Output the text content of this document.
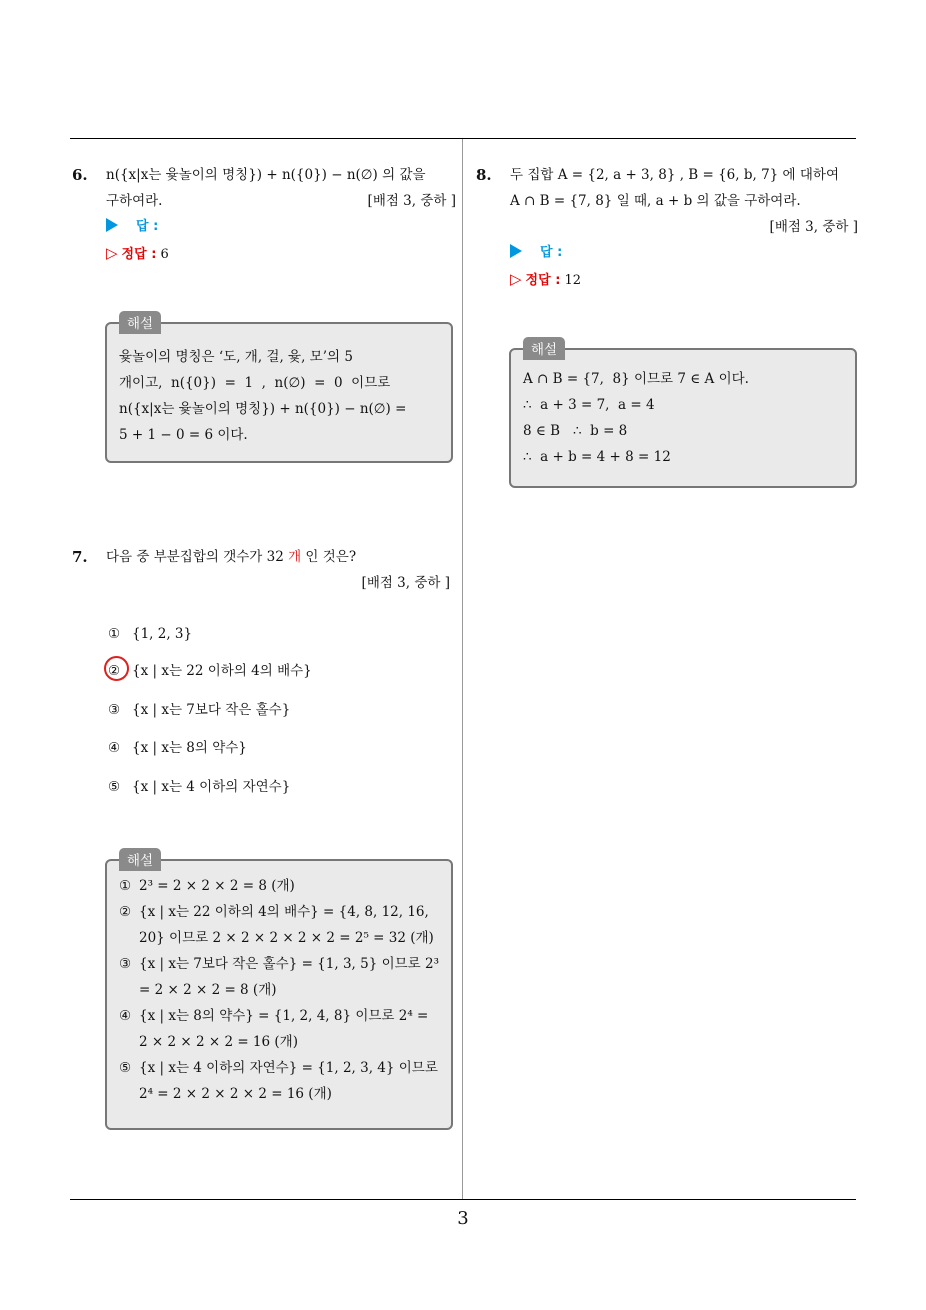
6. n({x|x는 윷놀이의 명칭}) + n({0}) − n(∅) 의 값을
구하여라.	[배점 3, 중하 ]
답 :
▷ 정답 : 6
해설
윷놀이의 명칭은 ‘도, 개, 걸, 윷, 모’의 5
개이고,  n({0})  =  1  ,  n(∅)  =  0  이므로
n({x|x는 윷놀이의 명칭}) + n({0}) − n(∅) =
5 + 1 − 0 = 6 이다.
7. 다음 중 부분집합의 갯수가 32 개 인 것은?
[배점 3, 중하 ]
① {1, 2, 3}
② {x | x는 22 이하의 4의 배수}
③ {x | x는 7보다 작은 홀수}
④ {x | x는 8의 약수}
⑤ {x | x는 4 이하의 자연수}
해설
① 2³ = 2 × 2 × 2 = 8 (개)
② {x | x는 22 이하의 4의 배수} = {4, 8, 12, 16, 20} 이므로 2 × 2 × 2 × 2 × 2 = 2⁵ = 32 (개)
③ {x | x는 7보다 작은 홀수} = {1, 3, 5} 이므로 2³ = 2 × 2 × 2 = 8 (개)
④ {x | x는 8의 약수} = {1, 2, 4, 8} 이므로 2⁴ = 2 × 2 × 2 × 2 = 16 (개)
⑤ {x | x는 4 이하의 자연수} = {1, 2, 3, 4} 이므로 2⁴ = 2 × 2 × 2 × 2 = 16 (개)
8. 두 집합 A = {2, a + 3, 8} , B = {6, b, 7} 에 대하여
A ∩ B = {7, 8} 일 때, a + b 의 값을 구하여라.
[배점 3, 중하 ]
답 :
▷ 정답 : 12
해설
A ∩ B = {7,  8} 이므로 7 ∈ A 이다.
∴  a + 3 = 7,  a = 4
8 ∈ B   ∴  b = 8
∴  a + b = 4 + 8 = 12
3
